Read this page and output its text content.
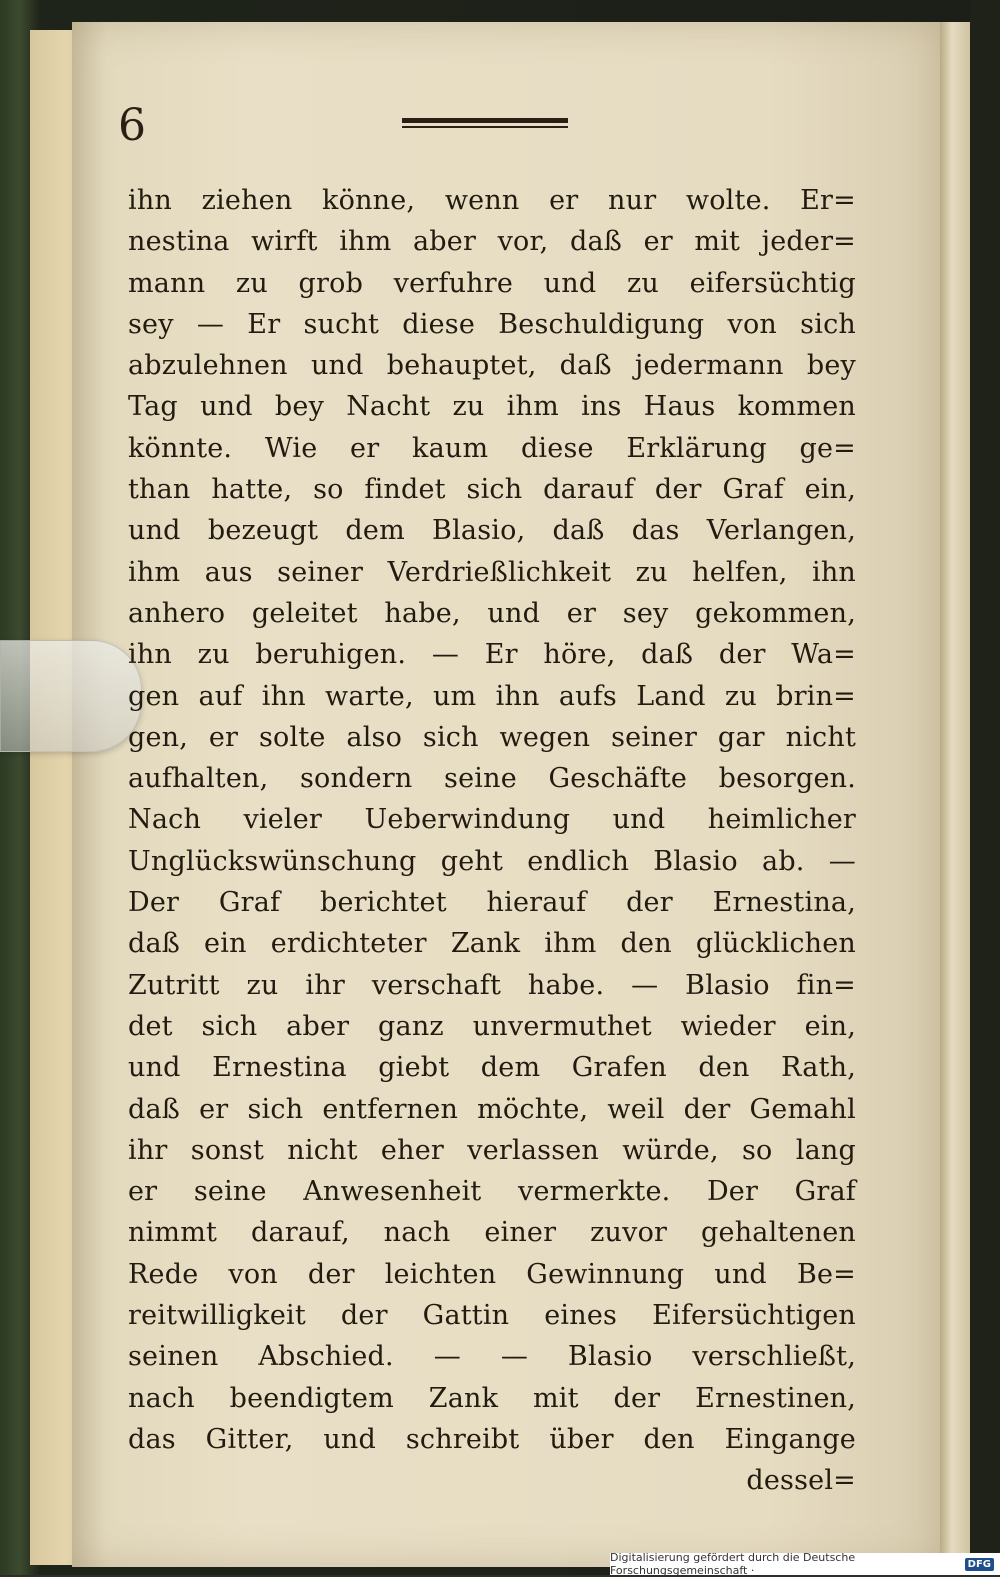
6
ihn ziehen könne, wenn er nur wolte. Er=
nestina wirft ihm aber vor, daß er mit jeder=
mann zu grob verfuhre und zu eifersüchtig
sey — Er sucht diese Beschuldigung von sich
abzulehnen und behauptet, daß jedermann bey
Tag und bey Nacht zu ihm ins Haus kommen
könnte. Wie er kaum diese Erklärung ge=
than hatte, so findet sich darauf der Graf ein,
und bezeugt dem Blasio, daß das Verlangen,
ihm aus seiner Verdrießlichkeit zu helfen, ihn
anhero geleitet habe, und er sey gekommen,
ihn zu beruhigen. — Er höre, daß der Wa=
gen auf ihn warte, um ihn aufs Land zu brin=
gen, er solte also sich wegen seiner gar nicht
aufhalten, sondern seine Geschäfte besorgen.
Nach vieler Ueberwindung und heimlicher
Unglückswünschung geht endlich Blasio ab. —
Der Graf berichtet hierauf der Ernestina,
daß ein erdichteter Zank ihm den glücklichen
Zutritt zu ihr verschaft habe. — Blasio fin=
det sich aber ganz unvermuthet wieder ein,
und Ernestina giebt dem Grafen den Rath,
daß er sich entfernen möchte, weil der Gemahl
ihr sonst nicht eher verlassen würde, so lang
er seine Anwesenheit vermerkte. Der Graf
nimmt darauf, nach einer zuvor gehaltenen
Rede von der leichten Gewinnung und Be=
reitwilligkeit der Gattin eines Eifersüchtigen
seinen Abschied. — — Blasio verschließt,
nach beendigtem Zank mit der Ernestinen,
das Gitter, und schreibt über den Eingange
dessel=
Digitalisierung gefördert durch die Deutsche Forschungsgemeinschaft ·	DFG
